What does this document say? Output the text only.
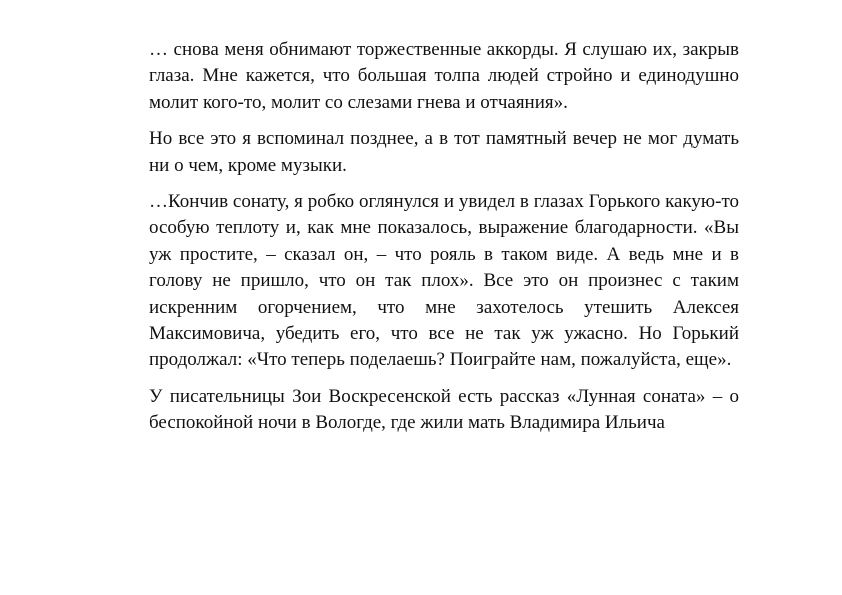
… снова меня обнимают торжественные аккорды. Я слушаю их, закрыв глаза. Мне кажется, что большая толпа людей стройно и единодушно молит кого-то, молит со слезами гнева и отчаяния».

Но все это я вспоминал позднее, а в тот памятный вечер не мог думать ни о чем, кроме музыки.

…Кончив сонату, я робко оглянулся и увидел в глазах Горького какую-то особую теплоту и, как мне показалось, выражение благодарности. «Вы уж простите, – сказал он, – что рояль в таком виде. А ведь мне и в голову не пришло, что он так плох». Все это он произнес с таким искренним огорчением, что мне захотелось утешить Алексея Максимовича, убедить его, что все не так уж ужасно. Но Горький продолжал: «Что теперь поделаешь? Поиграйте нам, пожалуйста, еще».

У писательницы Зои Воскресенской есть рассказ «Лунная соната» – о беспокойной ночи в Вологде, где жили мать Владимира Ильича
